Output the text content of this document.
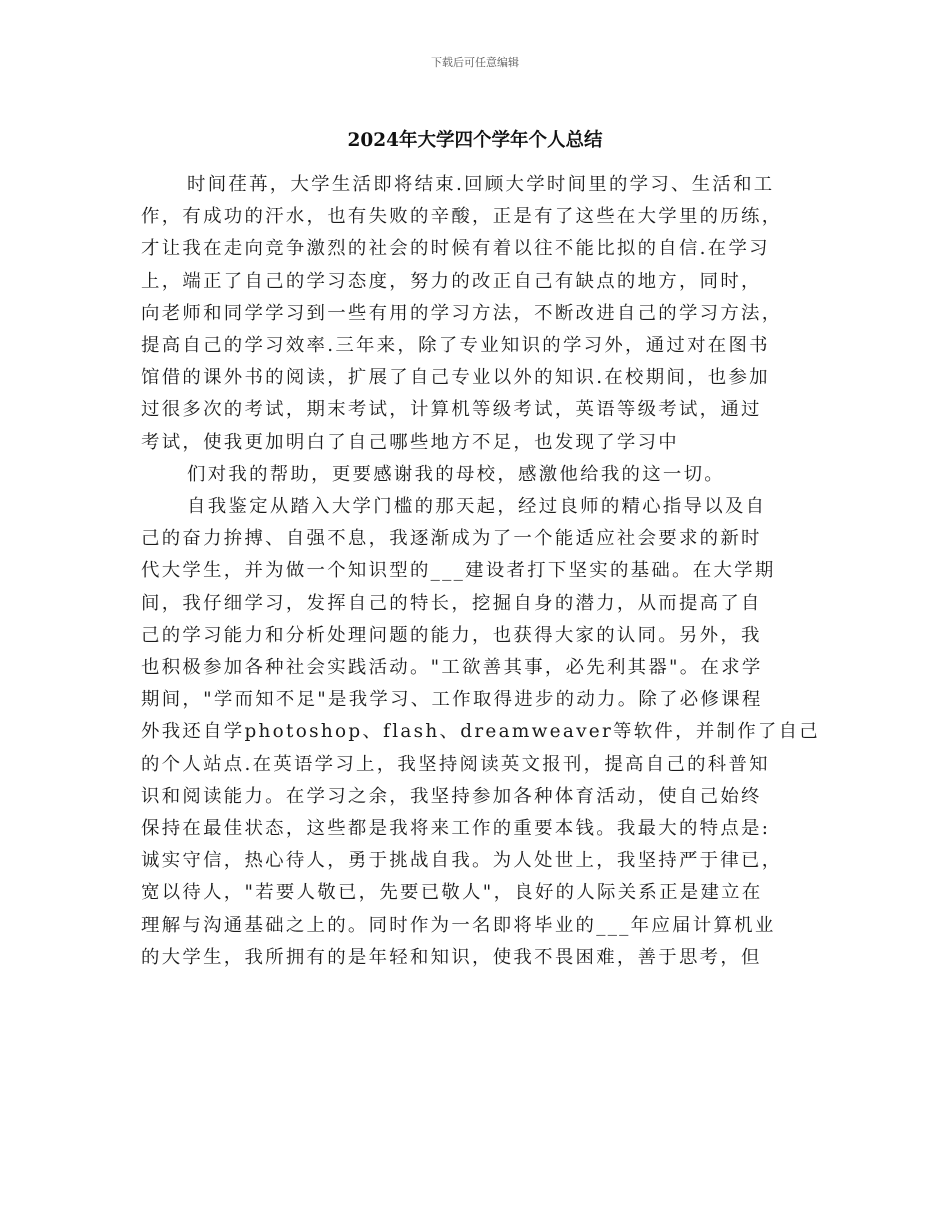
下载后可任意编辑
2024年大学四个学年个人总结
时间荏苒，大学生活即将结束.回顾大学时间里的学习、生活和工
作，有成功的汗水，也有失败的辛酸，正是有了这些在大学里的历练，
才让我在走向竞争激烈的社会的时候有着以往不能比拟的自信.在学习
上，端正了自己的学习态度，努力的改正自己有缺点的地方，同时，
向老师和同学学习到一些有用的学习方法，不断改进自己的学习方法，
提高自己的学习效率.三年来，除了专业知识的学习外，通过对在图书
馆借的课外书的阅读，扩展了自己专业以外的知识.在校期间，也参加
过很多次的考试，期末考试，计算机等级考试，英语等级考试，通过
考试，使我更加明白了自己哪些地方不足，也发现了学习中
们对我的帮助，更要感谢我的母校，感激他给我的这一切。
自我鉴定从踏入大学门槛的那天起，经过良师的精心指导以及自
己的奋力拚搏、自强不息，我逐渐成为了一个能适应社会要求的新时
代大学生，并为做一个知识型的___建设者打下坚实的基础。在大学期
间，我仔细学习，发挥自己的特长，挖掘自身的潜力，从而提高了自
己的学习能力和分析处理问题的能力，也获得大家的认同。另外，我
也积极参加各种社会实践活动。"工欲善其事，必先利其器"。在求学
期间，"学而知不足"是我学习、工作取得进步的动力。除了必修课程
外我还自学photoshop、flash、dreamweaver等软件，并制作了自己
的个人站点.在英语学习上，我坚持阅读英文报刊，提高自己的科普知
识和阅读能力。在学习之余，我坚持参加各种体育活动，使自己始终
保持在最佳状态，这些都是我将来工作的重要本钱。我最大的特点是:
诚实守信，热心待人，勇于挑战自我。为人处世上，我坚持严于律已，
宽以待人，"若要人敬已，先要已敬人"，良好的人际关系正是建立在
理解与沟通基础之上的。同时作为一名即将毕业的___年应届计算机业
的大学生，我所拥有的是年轻和知识，使我不畏困难，善于思考，但
